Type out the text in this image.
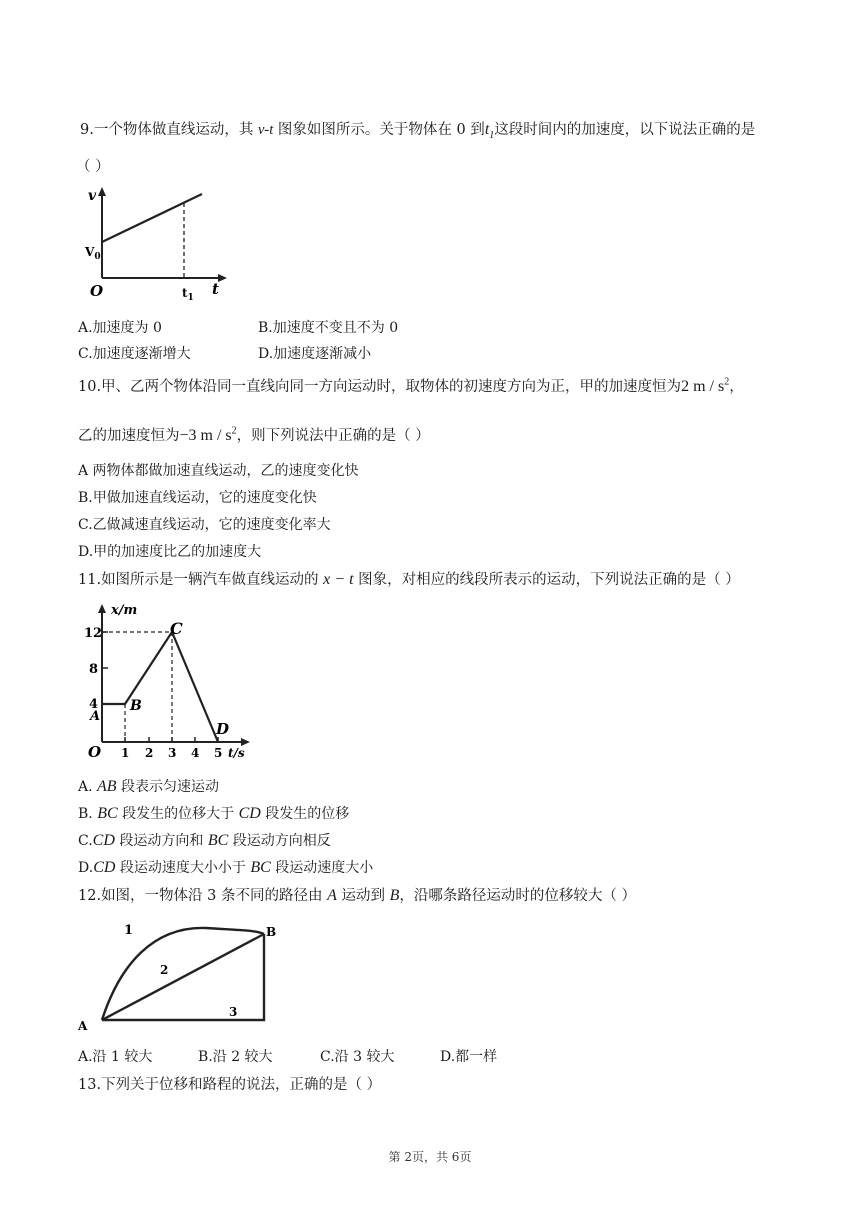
9.一个物体做直线运动，其 v-t 图象如图所示。关于物体在 0 到$t_1$这段时间内的加速度，以下说法正确的是
（ ）
v
$V_0$
O	$t_1$ t
A.加速度为 0	B.加速度不变且不为 0
C.加速度逐渐增大	D.加速度逐渐减小
10.甲、乙两个物体沿同一直线向同一方向运动时，取物体的初速度方向为正，甲的加速度恒为2 m / $s^2$，
乙的加速度恒为−3 m / $s^2$，则下列说法中正确的是（ ）
A 两物体都做加速直线运动，乙的速度变化快
B.甲做加速直线运动，它的速度变化快
C.乙做减速直线运动，它的速度变化率大
D.甲的加速度比乙的加速度大
11.如图所示是一辆汽车做直线运动的 x − t 图象，对相应的线段所表示的运动，下列说法正确的是（ ）
x/m
12
8
4
A
B
C
D
O 1 2 3 4 5 t/s
A. AB 段表示匀速运动
B. BC 段发生的位移大于 CD 段发生的位移
C.CD 段运动方向和 BC 段运动方向相反
D.CD 段运动速度大小小于 BC 段运动速度大小
12.如图，一物体沿 3 条不同的路径由 A 运动到 B，沿哪条路径运动时的位移较大（ ）
A
B
1
2
3
A.沿 1 较大	B.沿 2 较大	C.沿 3 较大	D.都一样
13.下列关于位移和路程的说法，正确的是（ ）
第 2页，共 6页
